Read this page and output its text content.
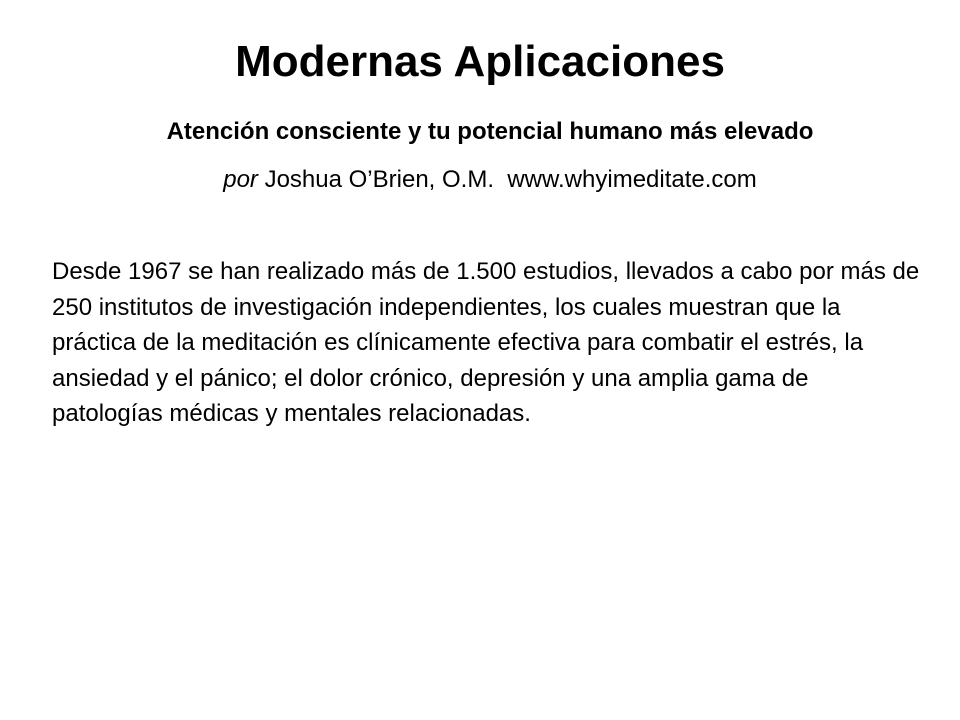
Modernas Aplicaciones

Atención consciente y tu potencial humano más elevado

por Joshua O’Brien, O.M. www.whyimeditate.com

Desde 1967 se han realizado más de 1.500 estudios, llevados a cabo por más de 250 institutos de investigación independientes, los cuales muestran que la práctica de la meditación es clínicamente efectiva para combatir el estrés, la ansiedad y el pánico; el dolor crónico, depresión y una amplia gama de patologías médicas y mentales relacionadas.
